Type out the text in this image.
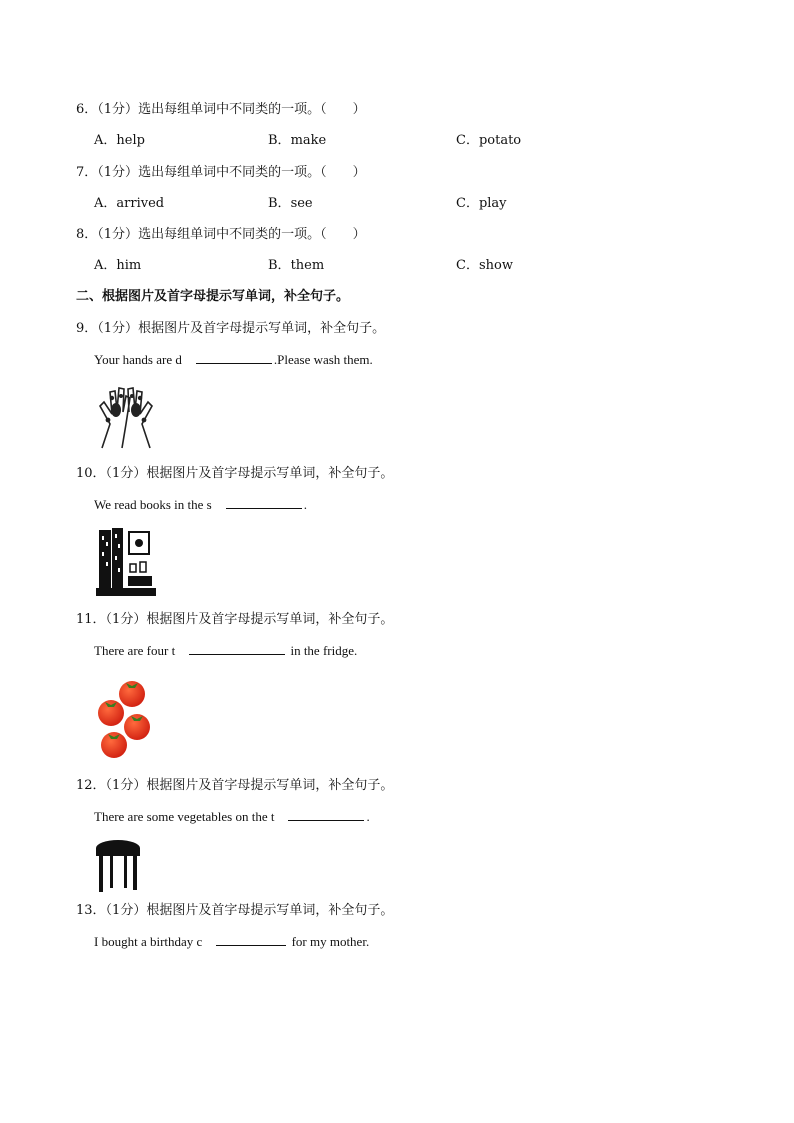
6．（1分）选出每组单词中不同类的一项。（　　）
A．help	B．make	C．potato
7．（1分）选出每组单词中不同类的一项。（　　）
A．arrived	B．see	C．play
8．（1分）选出每组单词中不同类的一项。（　　）
A．him	B．them	C．show
二、根据图片及首字母提示写单词，补全句子。
9．（1分）根据图片及首字母提示写单词，补全句子。
Your hands are d	.Please wash them.
10．（1分）根据图片及首字母提示写单词，补全句子。
We read books in the s	.
11．（1分）根据图片及首字母提示写单词，补全句子。
There are four t	in the fridge.
12．（1分）根据图片及首字母提示写单词，补全句子。
There are some vegetables on the t	.
13．（1分）根据图片及首字母提示写单词，补全句子。
I bought a birthday c	for my mother.
